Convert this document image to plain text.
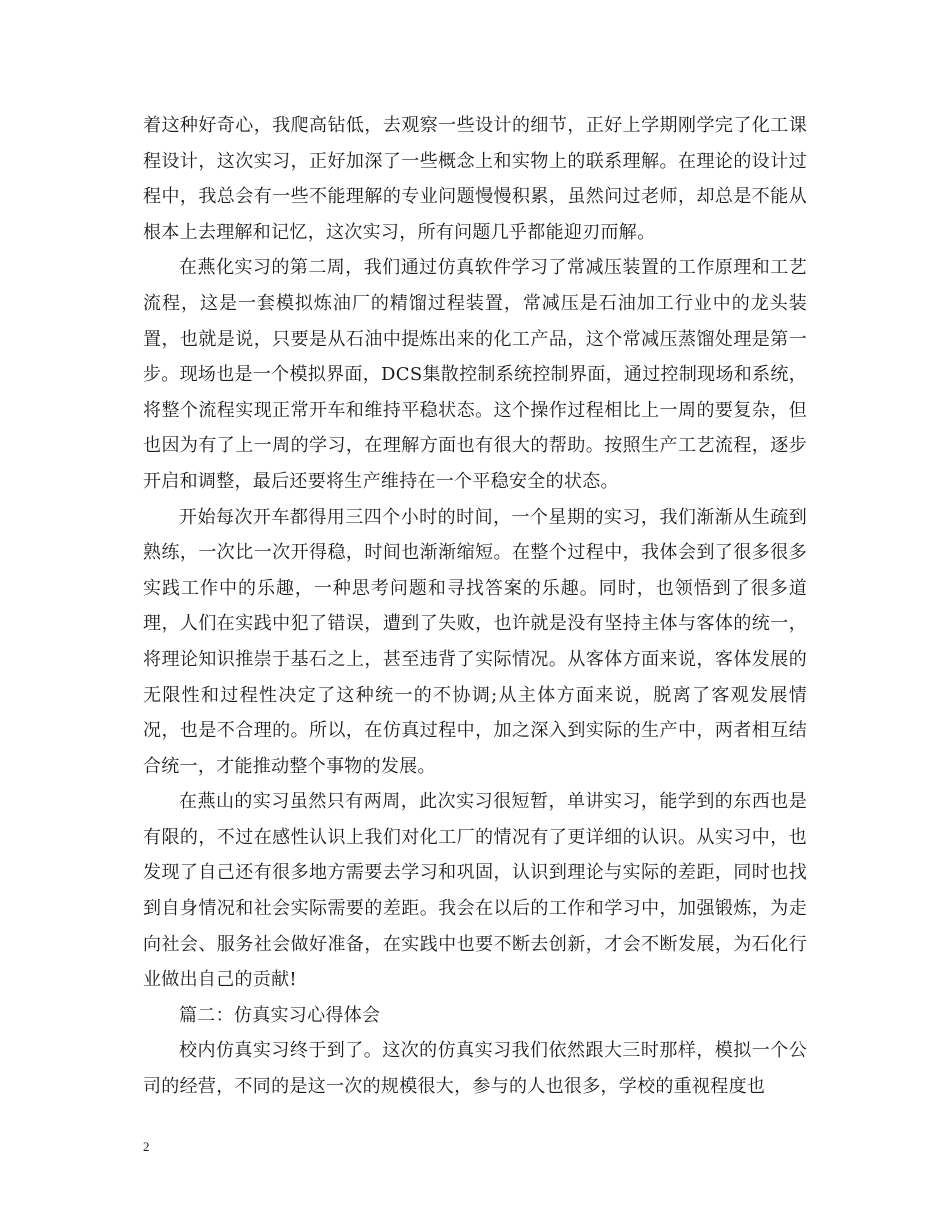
着这种好奇心，我爬高钻低，去观察一些设计的细节，正好上学期刚学完了化工课程设计，这次实习，正好加深了一些概念上和实物上的联系理解。在理论的设计过程中，我总会有一些不能理解的专业问题慢慢积累，虽然问过老师，却总是不能从根本上去理解和记忆，这次实习，所有问题几乎都能迎刃而解。

在燕化实习的第二周，我们通过仿真软件学习了常减压装置的工作原理和工艺流程，这是一套模拟炼油厂的精馏过程装置，常减压是石油加工行业中的龙头装置，也就是说，只要是从石油中提炼出来的化工产品，这个常减压蒸馏处理是第一步。现场也是一个模拟界面，DCS集散控制系统控制界面，通过控制现场和系统，将整个流程实现正常开车和维持平稳状态。这个操作过程相比上一周的要复杂，但也因为有了上一周的学习，在理解方面也有很大的帮助。按照生产工艺流程，逐步开启和调整，最后还要将生产维持在一个平稳安全的状态。

开始每次开车都得用三四个小时的时间，一个星期的实习，我们渐渐从生疏到熟练，一次比一次开得稳，时间也渐渐缩短。在整个过程中，我体会到了很多很多实践工作中的乐趣，一种思考问题和寻找答案的乐趣。同时，也领悟到了很多道理，人们在实践中犯了错误，遭到了失败，也许就是没有坚持主体与客体的统一，将理论知识推崇于基石之上，甚至违背了实际情况。从客体方面来说，客体发展的无限性和过程性决定了这种统一的不协调;从主体方面来说，脱离了客观发展情况，也是不合理的。所以，在仿真过程中，加之深入到实际的生产中，两者相互结合统一，才能推动整个事物的发展。

在燕山的实习虽然只有两周，此次实习很短暂，单讲实习，能学到的东西也是有限的，不过在感性认识上我们对化工厂的情况有了更详细的认识。从实习中，也发现了自己还有很多地方需要去学习和巩固，认识到理论与实际的差距，同时也找到自身情况和社会实际需要的差距。我会在以后的工作和学习中，加强锻炼，为走向社会、服务社会做好准备，在实践中也要不断去创新，才会不断发展，为石化行业做出自己的贡献!

篇二：仿真实习心得体会

校内仿真实习终于到了。这次的仿真实习我们依然跟大三时那样，模拟一个公司的经营，不同的是这一次的规模很大，参与的人也很多，学校的重视程度也

2
